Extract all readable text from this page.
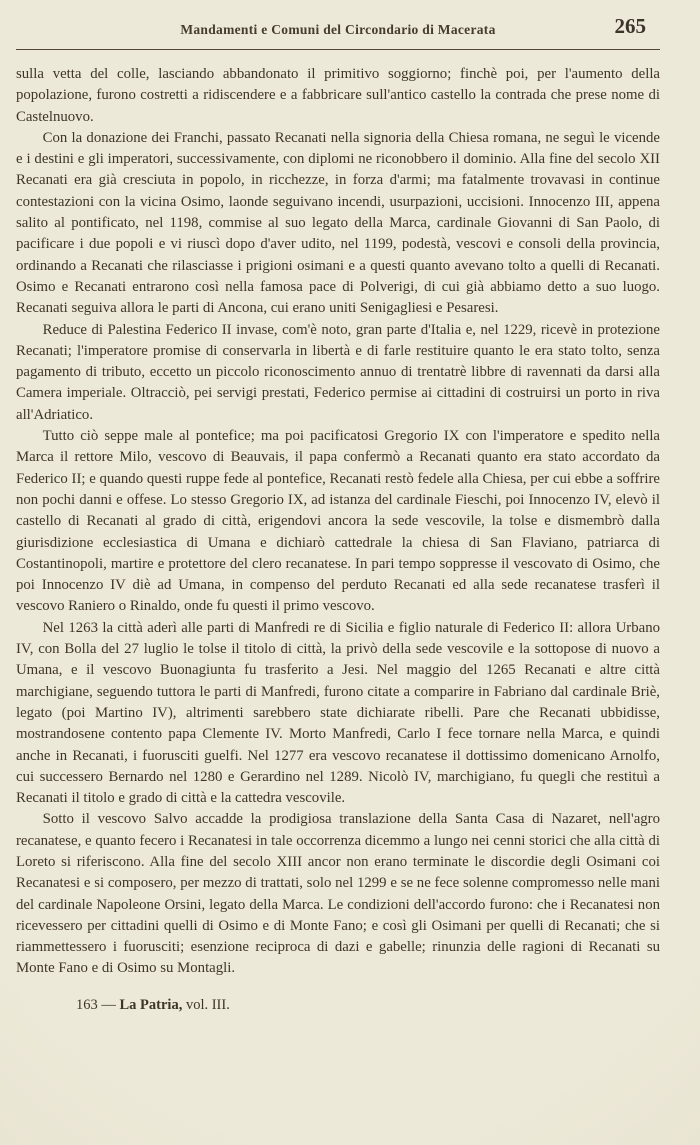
Mandamenti e Comuni del Circondario di Macerata	265

sulla vetta del colle, lasciando abbandonato il primitivo soggiorno; finchè poi, per l'aumento della popolazione, furono costretti a ridiscendere e a fabbricare sull'antico castello la contrada che prese nome di Castelnuovo.

Con la donazione dei Franchi, passato Recanati nella signoria della Chiesa romana, ne seguì le vicende e i destini e gli imperatori, successivamente, con diplomi ne riconobbero il dominio. Alla fine del secolo XII Recanati era già cresciuta in popolo, in ricchezze, in forza d'armi; ma fatalmente trovavasi in continue contestazioni con la vicina Osimo, laonde seguivano incendi, usurpazioni, uccisioni. Innocenzo III, appena salito al pontificato, nel 1198, commise al suo legato della Marca, cardinale Giovanni di San Paolo, di pacificare i due popoli e vi riuscì dopo d'aver udito, nel 1199, podestà, vescovi e consoli della provincia, ordinando a Recanati che rilasciasse i prigioni osimani e a questi quanto avevano tolto a quelli di Recanati. Osimo e Recanati entrarono così nella famosa pace di Polverigi, di cui già abbiamo detto a suo luogo. Recanati seguiva allora le parti di Ancona, cui erano uniti Senigagliesi e Pesaresi.

Reduce di Palestina Federico II invase, com'è noto, gran parte d'Italia e, nel 1229, ricevè in protezione Recanati; l'imperatore promise di conservarla in libertà e di farle restituire quanto le era stato tolto, senza pagamento di tributo, eccetto un piccolo riconoscimento annuo di trentatrè libbre di ravennati da darsi alla Camera imperiale. Oltracciò, pei servigi prestati, Federico permise ai cittadini di costruirsi un porto in riva all'Adriatico.

Tutto ciò seppe male al pontefice; ma poi pacificatosi Gregorio IX con l'imperatore e spedito nella Marca il rettore Milo, vescovo di Beauvais, il papa confermò a Recanati quanto era stato accordato da Federico II; e quando questi ruppe fede al pontefice, Recanati restò fedele alla Chiesa, per cui ebbe a soffrire non pochi danni e offese. Lo stesso Gregorio IX, ad istanza del cardinale Fieschi, poi Innocenzo IV, elevò il castello di Recanati al grado di città, erigendovi ancora la sede vescovile, la tolse e dismembrò dalla giurisdizione ecclesiastica di Umana e dichiarò cattedrale la chiesa di San Flaviano, patriarca di Costantinopoli, martire e protettore del clero recanatese. In pari tempo soppresse il vescovato di Osimo, che poi Innocenzo IV diè ad Umana, in compenso del perduto Recanati ed alla sede recanatese trasferì il vescovo Raniero o Rinaldo, onde fu questi il primo vescovo.

Nel 1263 la città aderì alle parti di Manfredi re di Sicilia e figlio naturale di Federico II: allora Urbano IV, con Bolla del 27 luglio le tolse il titolo di città, la privò della sede vescovile e la sottopose di nuovo a Umana, e il vescovo Buonagiunta fu trasferito a Jesi. Nel maggio del 1265 Recanati e altre città marchigiane, seguendo tuttora le parti di Manfredi, furono citate a comparire in Fabriano dal cardinale Briè, legato (poi Martino IV), altrimenti sarebbero state dichiarate ribelli. Pare che Recanati ubbidisse, mostrandosene contento papa Clemente IV. Morto Manfredi, Carlo I fece tornare nella Marca, e quindi anche in Recanati, i fuorusciti guelfi. Nel 1277 era vescovo recanatese il dottissimo domenicano Arnolfo, cui successero Bernardo nel 1280 e Gerardino nel 1289. Nicolò IV, marchigiano, fu quegli che restituì a Recanati il titolo e grado di città e la cattedra vescovile.

Sotto il vescovo Salvo accadde la prodigiosa translazione della Santa Casa di Nazaret, nell'agro recanatese, e quanto fecero i Recanatesi in tale occorrenza dicemmo a lungo nei cenni storici che alla città di Loreto si riferiscono. Alla fine del secolo XIII ancor non erano terminate le discordie degli Osimani coi Recanatesi e si composero, per mezzo di trattati, solo nel 1299 e se ne fece solenne compromesso nelle mani del cardinale Napoleone Orsini, legato della Marca. Le condizioni dell'accordo furono: che i Recanatesi non ricevessero per cittadini quelli di Osimo e di Monte Fano; e così gli Osimani per quelli di Recanati; che si riammettessero i fuorusciti; esenzione reciproca di dazi e gabelle; rinunzia delle ragioni di Recanati su Monte Fano e di Osimo su Montagli.

163 — La Patria, vol. III.
